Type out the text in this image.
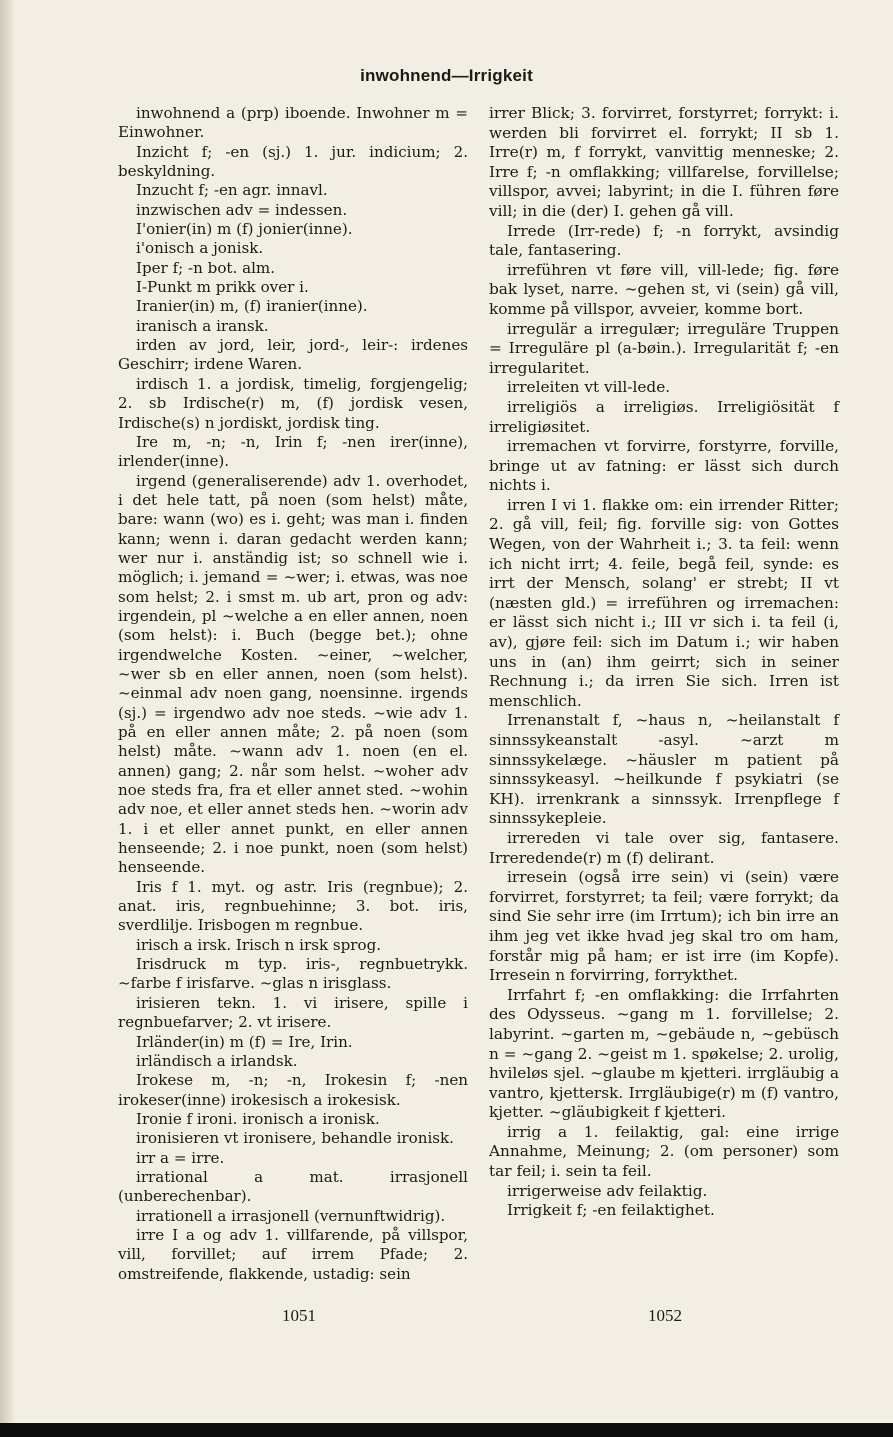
inwohnend—Irrigkeit

inwohnend a (prp) iboende. Inwohner m = Einwohner.

Inzicht f; -en (sj.) 1. jur. indicium; 2. beskyldning.

Inzucht f; -en agr. innavl.

inzwischen adv = indessen.

I'onier(in) m (f) jonier(inne).

i'onisch a jonisk.

Iper f; -n bot. alm.

I-Punkt m prikk over i.

Iranier(in) m, (f) iranier(inne).

iranisch a iransk.

irden av jord, leir, jord-, leir-: irdenes Geschirr; irdene Waren.

irdisch 1. a jordisk, timelig, forgjengelig; 2. sb Irdische(r) m, (f) jordisk vesen, Irdische(s) n jordiskt, jordisk ting.

Ire m, -n; -n, Irin f; -nen irer(inne), irlender(inne).

irgend (generaliserende) adv 1. overhodet, i det hele tatt, på noen (som helst) måte, bare: wann (wo) es i. geht; was man i. finden kann; wenn i. daran gedacht werden kann; wer nur i. anständig ist; so schnell wie i. möglich; i. jemand = ~wer; i. etwas, was noe som helst; 2. i smst m. ub art, pron og adv: irgendein, pl ~welche a en eller annen, noen (som helst): i. Buch (begge bet.); ohne irgendwelche Kosten. ~einer, ~welcher, ~wer sb en eller annen, noen (som helst). ~einmal adv noen gang, noensinne. irgends (sj.) = irgendwo adv noe steds. ~wie adv 1. på en eller annen måte; 2. på noen (som helst) måte. ~wann adv 1. noen (en el. annen) gang; 2. når som helst. ~woher adv noe steds fra, fra et eller annet sted. ~wohin adv noe, et eller annet steds hen. ~worin adv 1. i et eller annet punkt, en eller annen henseende; 2. i noe punkt, noen (som helst) henseende.

Iris f 1. myt. og astr. Iris (regnbue); 2. anat. iris, regnbuehinne; 3. bot. iris, sverdlilje. Irisbogen m regnbue.

irisch a irsk. Irisch n irsk sprog.

Irisdruck m typ. iris-, regnbuetrykk. ~farbe f irisfarve. ~glas n irisglass.

irisieren tekn. 1. vi irisere, spille i regnbuefarver; 2. vt irisere.

Irländer(in) m (f) = Ire, Irin.

irländisch a irlandsk.

Irokese m, -n; -n, Irokesin f; -nen irokeser(inne) irokesisch a irokesisk.

Ironie f ironi. ironisch a ironisk.

ironisieren vt ironisere, behandle ironisk.

irr a = irre.

irrational a mat. irrasjonell (unberechenbar).

irrationell a irrasjonell (vernunftwidrig).

irre I a og adv 1. villfarende, på villspor, vill, forvillet; auf irrem Pfade; 2. omstreifende, flakkende, ustadig: sein

irrer Blick; 3. forvirret, forstyrret; forrykt: i. werden bli forvirret el. forrykt; II sb 1. Irre(r) m, f forrykt, vanvittig menneske; 2. Irre f; -n omflakking; villfarelse, forvillelse; villspor, avvei; labyrint; in die I. führen føre vill; in die (der) I. gehen gå vill.

Irrede (Irr-rede) f; -n forrykt, avsindig tale, fantasering.

irreführen vt føre vill, vill-lede; fig. føre bak lyset, narre. ~gehen st, vi (sein) gå vill, komme på villspor, avveier, komme bort.

irregulär a irregulær; irreguläre Truppen = Irreguläre pl (a-bøin.). Irregularität f; -en irregularitet.

irreleiten vt vill-lede.

irreligiös a irreligiøs. Irreligiösität f irreligiøsitet.

irremachen vt forvirre, forstyrre, forville, bringe ut av fatning: er lässt sich durch nichts i.

irren I vi 1. flakke om: ein irrender Ritter; 2. gå vill, feil; fig. forville sig: von Gottes Wegen, von der Wahrheit i.; 3. ta feil: wenn ich nicht irrt; 4. feile, begå feil, synde: es irrt der Mensch, solang' er strebt; II vt (næsten gld.) = irreführen og irremachen: er lässt sich nicht i.; III vr sich i. ta feil (i, av), gjøre feil: sich im Datum i.; wir haben uns in (an) ihm geirrt; sich in seiner Rechnung i.; da irren Sie sich. Irren ist menschlich.

Irrenanstalt f, ~haus n, ~heilanstalt f sinnssykeanstalt -asyl. ~arzt m sinnssykelæge. ~häusler m patient på sinnssykeasyl. ~heilkunde f psykiatri (se KH). irrenkrank a sinnssyk. Irrenpflege f sinnssykepleie.

irrereden vi tale over sig, fantasere. Irreredende(r) m (f) delirant.

irresein (også irre sein) vi (sein) være forvirret, forstyrret; ta feil; være forrykt; da sind Sie sehr irre (im Irrtum); ich bin irre an ihm jeg vet ikke hvad jeg skal tro om ham, forstår mig på ham; er ist irre (im Kopfe). Irresein n forvirring, forrykthet.

Irrfahrt f; -en omflakking: die Irrfahrten des Odysseus. ~gang m 1. forvillelse; 2. labyrint. ~garten m, ~gebäude n, ~gebüsch n = ~gang 2. ~geist m 1. spøkelse; 2. urolig, hvileløs sjel. ~glaube m kjetteri. irrgläubig a vantro, kjettersk. Irrgläubige(r) m (f) vantro, kjetter. ~gläubigkeit f kjetteri.

irrig a 1. feilaktig, gal: eine irrige Annahme, Meinung; 2. (om personer) som tar feil; i. sein ta feil.

irrigerweise adv feilaktig.

Irrigkeit f; -en feilaktighet.

1051	1052
